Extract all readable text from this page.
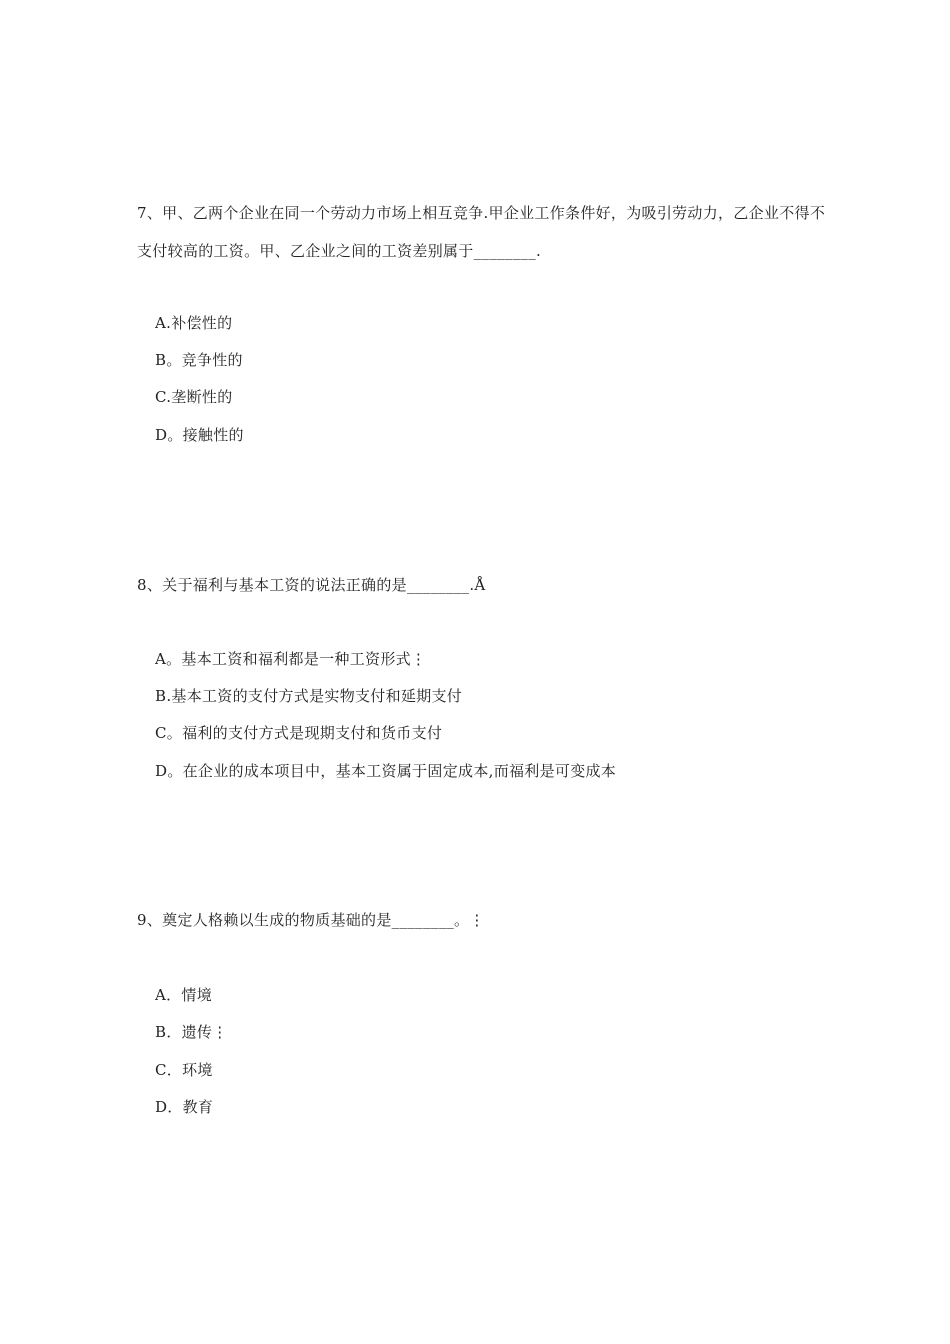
7、甲、乙两个企业在同一个劳动力市场上相互竞争.甲企业工作条件好，为吸引劳动力，乙企业不得不支付较高的工资。甲、乙企业之间的工资差别属于________.
A.补偿性的
B。竞争性的
C.垄断性的
D。接触性的
8、关于福利与基本工资的说法正确的是________.Å
A。基本工资和福利都是一种工资形式⋮
B.基本工资的支付方式是实物支付和延期支付
C。福利的支付方式是现期支付和货币支付
D。在企业的成本项目中，基本工资属于固定成本,而福利是可变成本
9、奠定人格赖以生成的物质基础的是________。⋮
A．情境
B．遗传⋮
C．环境
D．教育
